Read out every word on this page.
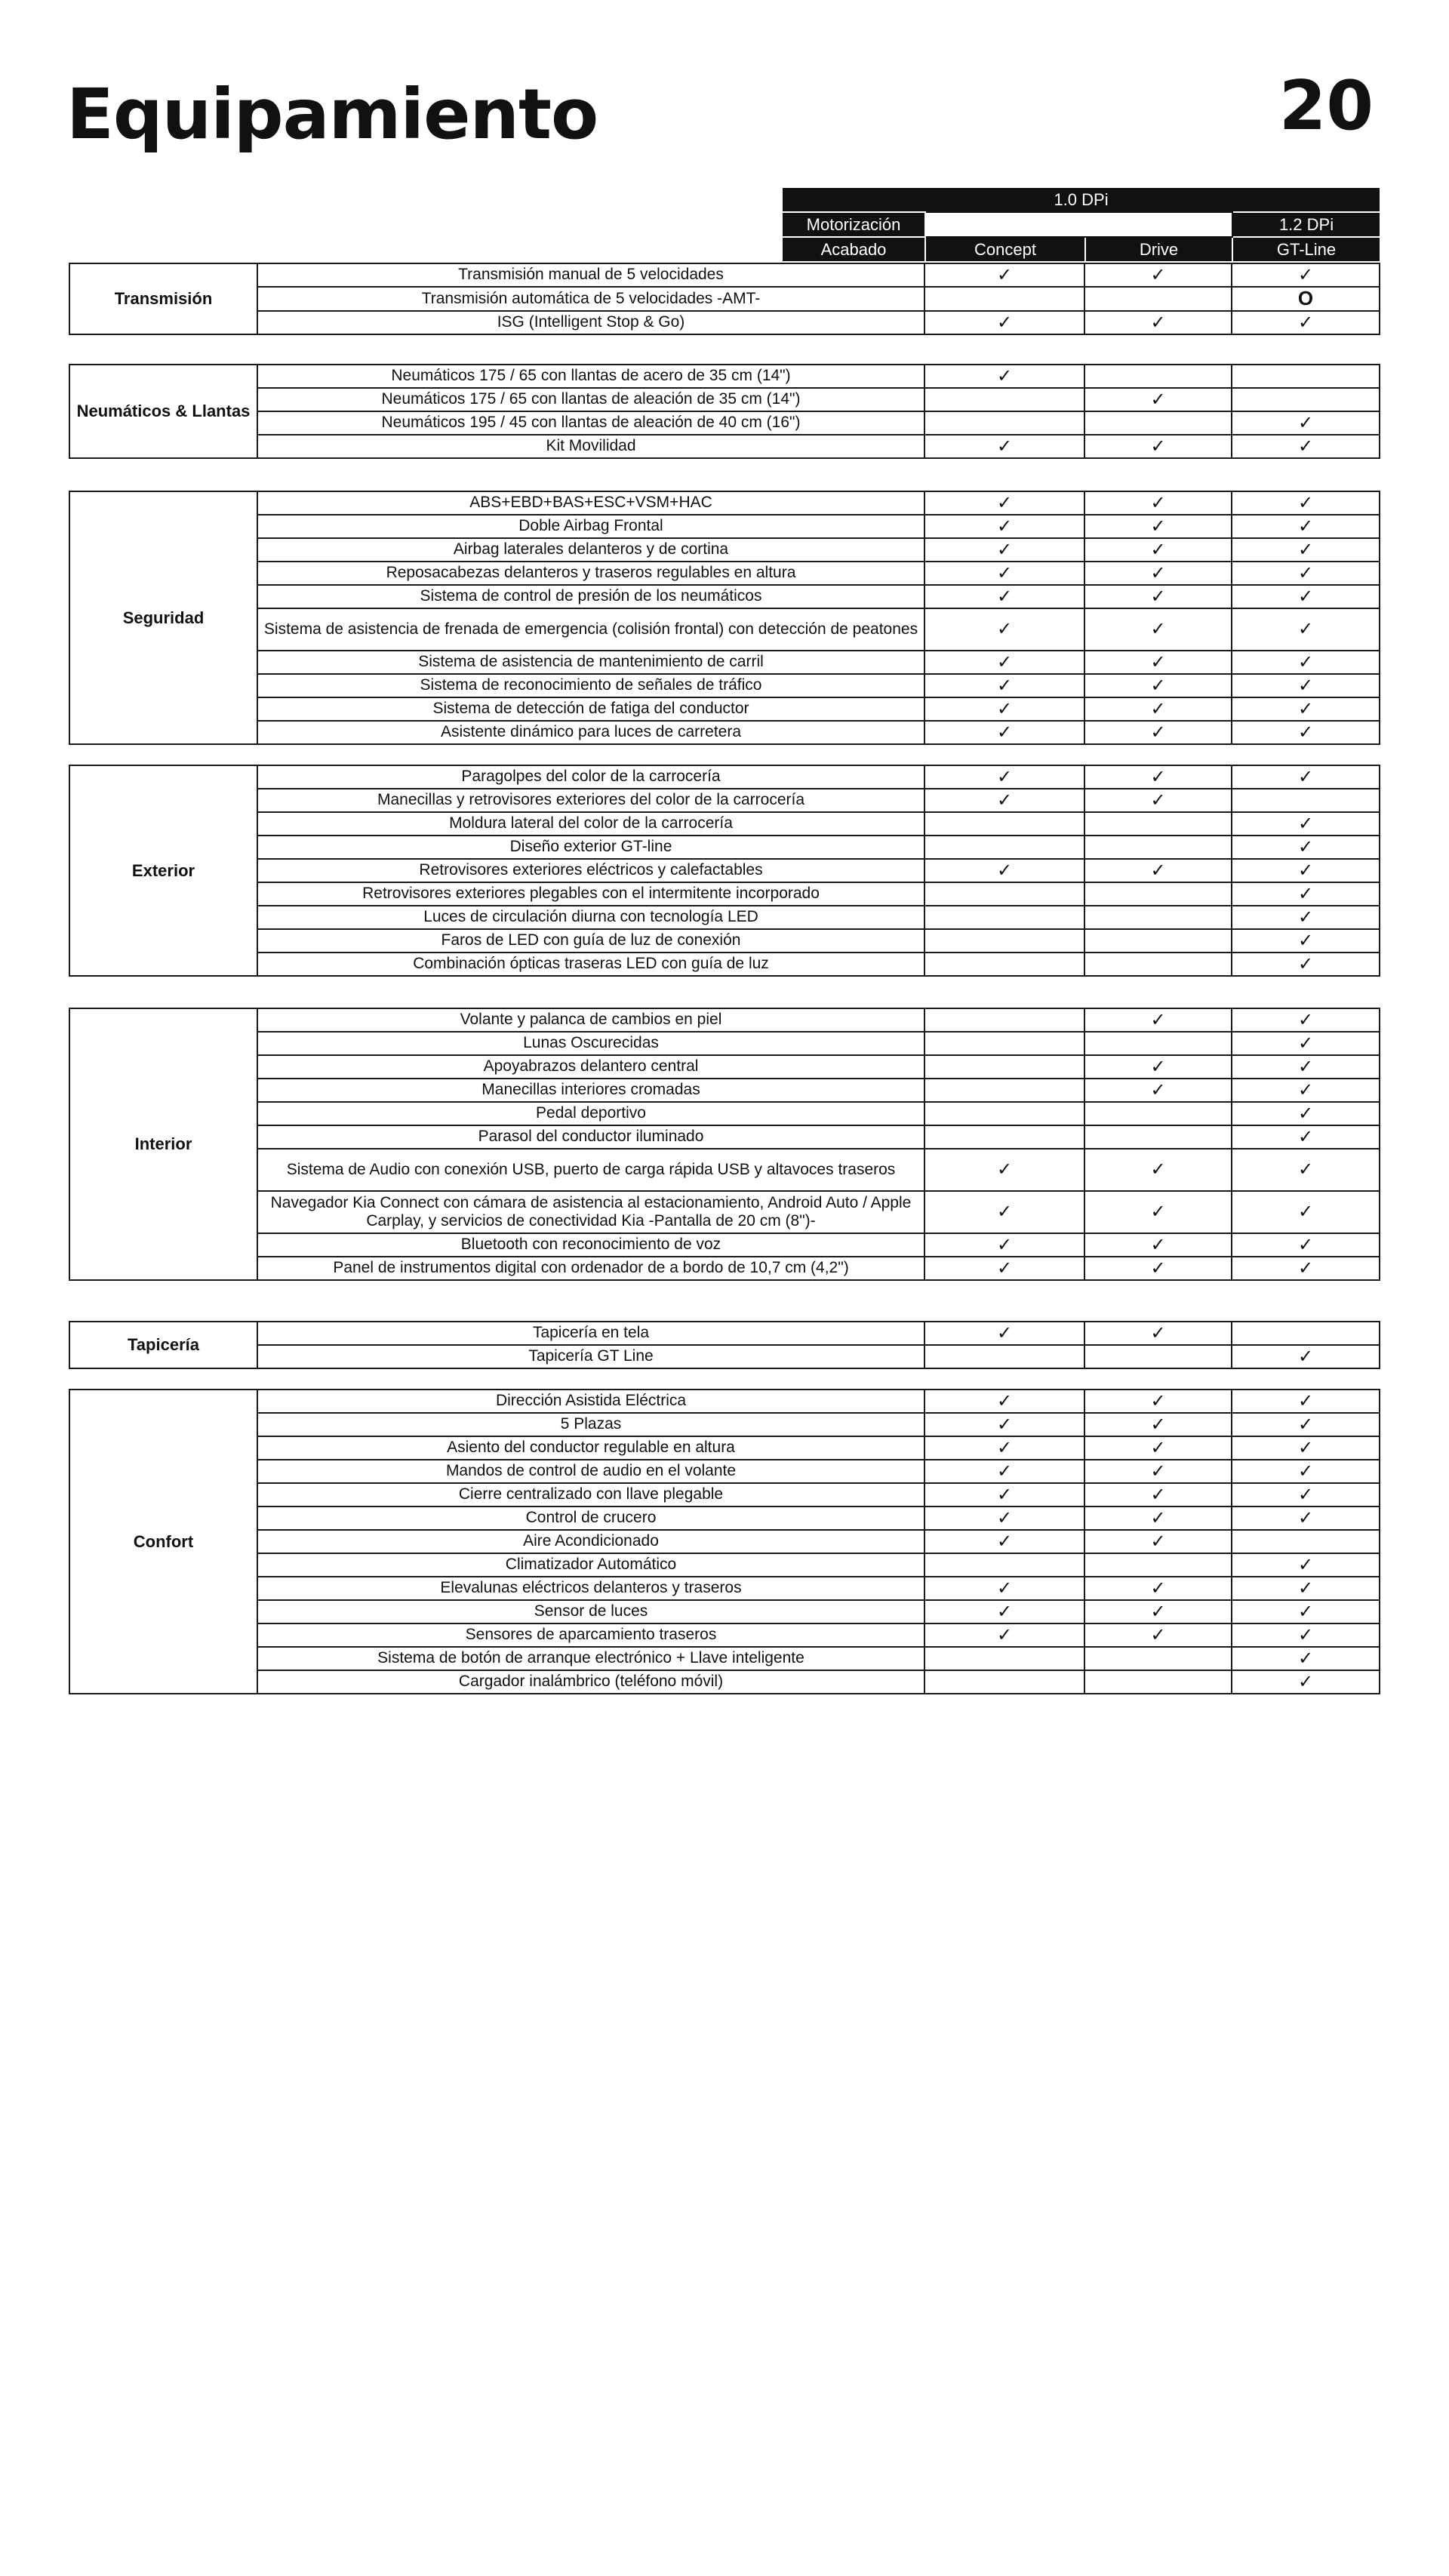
Equipamiento	20
1.0 DPi			
Motorización			1.2 DPi
Acabado	Concept	Drive	GT-Line
Transmisión	Transmisión manual de 5 velocidades	✓	✓	✓
	Transmisión automática de 5 velocidades -AMT-			O
	ISG (Intelligent Stop & Go)	✓	✓	✓
Neumáticos & Llantas	Neumáticos 175 / 65 con llantas de acero de 35 cm (14")	✓		
	Neumáticos 175 / 65 con llantas de aleación de 35 cm (14")		✓	
	Neumáticos 195 / 45 con llantas de aleación de 40 cm (16")			✓
	Kit Movilidad	✓	✓	✓
Seguridad	ABS+EBD+BAS+ESC+VSM+HAC	✓	✓	✓
	Doble Airbag Frontal	✓	✓	✓
	Airbag laterales delanteros y de cortina	✓	✓	✓
	Reposacabezas delanteros y traseros regulables en altura	✓	✓	✓
	Sistema de control de presión de los neumáticos	✓	✓	✓
	Sistema de asistencia de frenada de emergencia (colisión frontal) con detección de peatones	✓	✓	✓
	Sistema de asistencia de mantenimiento de carril	✓	✓	✓
	Sistema de reconocimiento de señales de tráfico	✓	✓	✓
	Sistema de detección de fatiga del conductor	✓	✓	✓
	Asistente dinámico para luces de carretera	✓	✓	✓
Exterior	Paragolpes del color de la carrocería	✓	✓	✓
	Manecillas y retrovisores exteriores del color de la carrocería	✓	✓	
	Moldura lateral del color de la carrocería			✓
	Diseño exterior GT-line			✓
	Retrovisores exteriores eléctricos y calefactables	✓	✓	✓
	Retrovisores exteriores plegables con el intermitente incorporado			✓
	Luces de circulación diurna con tecnología LED			✓
	Faros de LED con guía de luz de conexión			✓
	Combinación ópticas traseras LED con guía de luz			✓
Interior	Volante y palanca de cambios en piel		✓	✓
	Lunas Oscurecidas			✓
	Apoyabrazos delantero central		✓	✓
	Manecillas interiores cromadas		✓	✓
	Pedal deportivo			✓
	Parasol del conductor iluminado			✓
	Sistema de Audio con conexión USB, puerto de carga rápida USB y altavoces traseros	✓	✓	✓
	Navegador Kia Connect con cámara de asistencia al estacionamiento, Android Auto / Apple Carplay, y servicios de conectividad Kia -Pantalla de 20 cm (8")-	✓	✓	✓
	Bluetooth con reconocimiento de voz	✓	✓	✓
	Panel de instrumentos digital con ordenador de a bordo de 10,7 cm (4,2")	✓	✓	✓
Tapicería	Tapicería en tela	✓	✓	
	Tapicería GT Line			✓
Confort	Dirección Asistida Eléctrica	✓	✓	✓
	5 Plazas	✓	✓	✓
	Asiento del conductor regulable en altura	✓	✓	✓
	Mandos de control de audio en el volante	✓	✓	✓
	Cierre centralizado con llave plegable	✓	✓	✓
	Control de crucero	✓	✓	✓
	Aire Acondicionado	✓	✓	
	Climatizador Automático			✓
	Elevalunas eléctricos delanteros y traseros	✓	✓	✓
	Sensor de luces	✓	✓	✓
	Sensores de aparcamiento traseros	✓	✓	✓
	Sistema de botón de arranque electrónico + Llave inteligente			✓
	Cargador inalámbrico (teléfono móvil)			✓
